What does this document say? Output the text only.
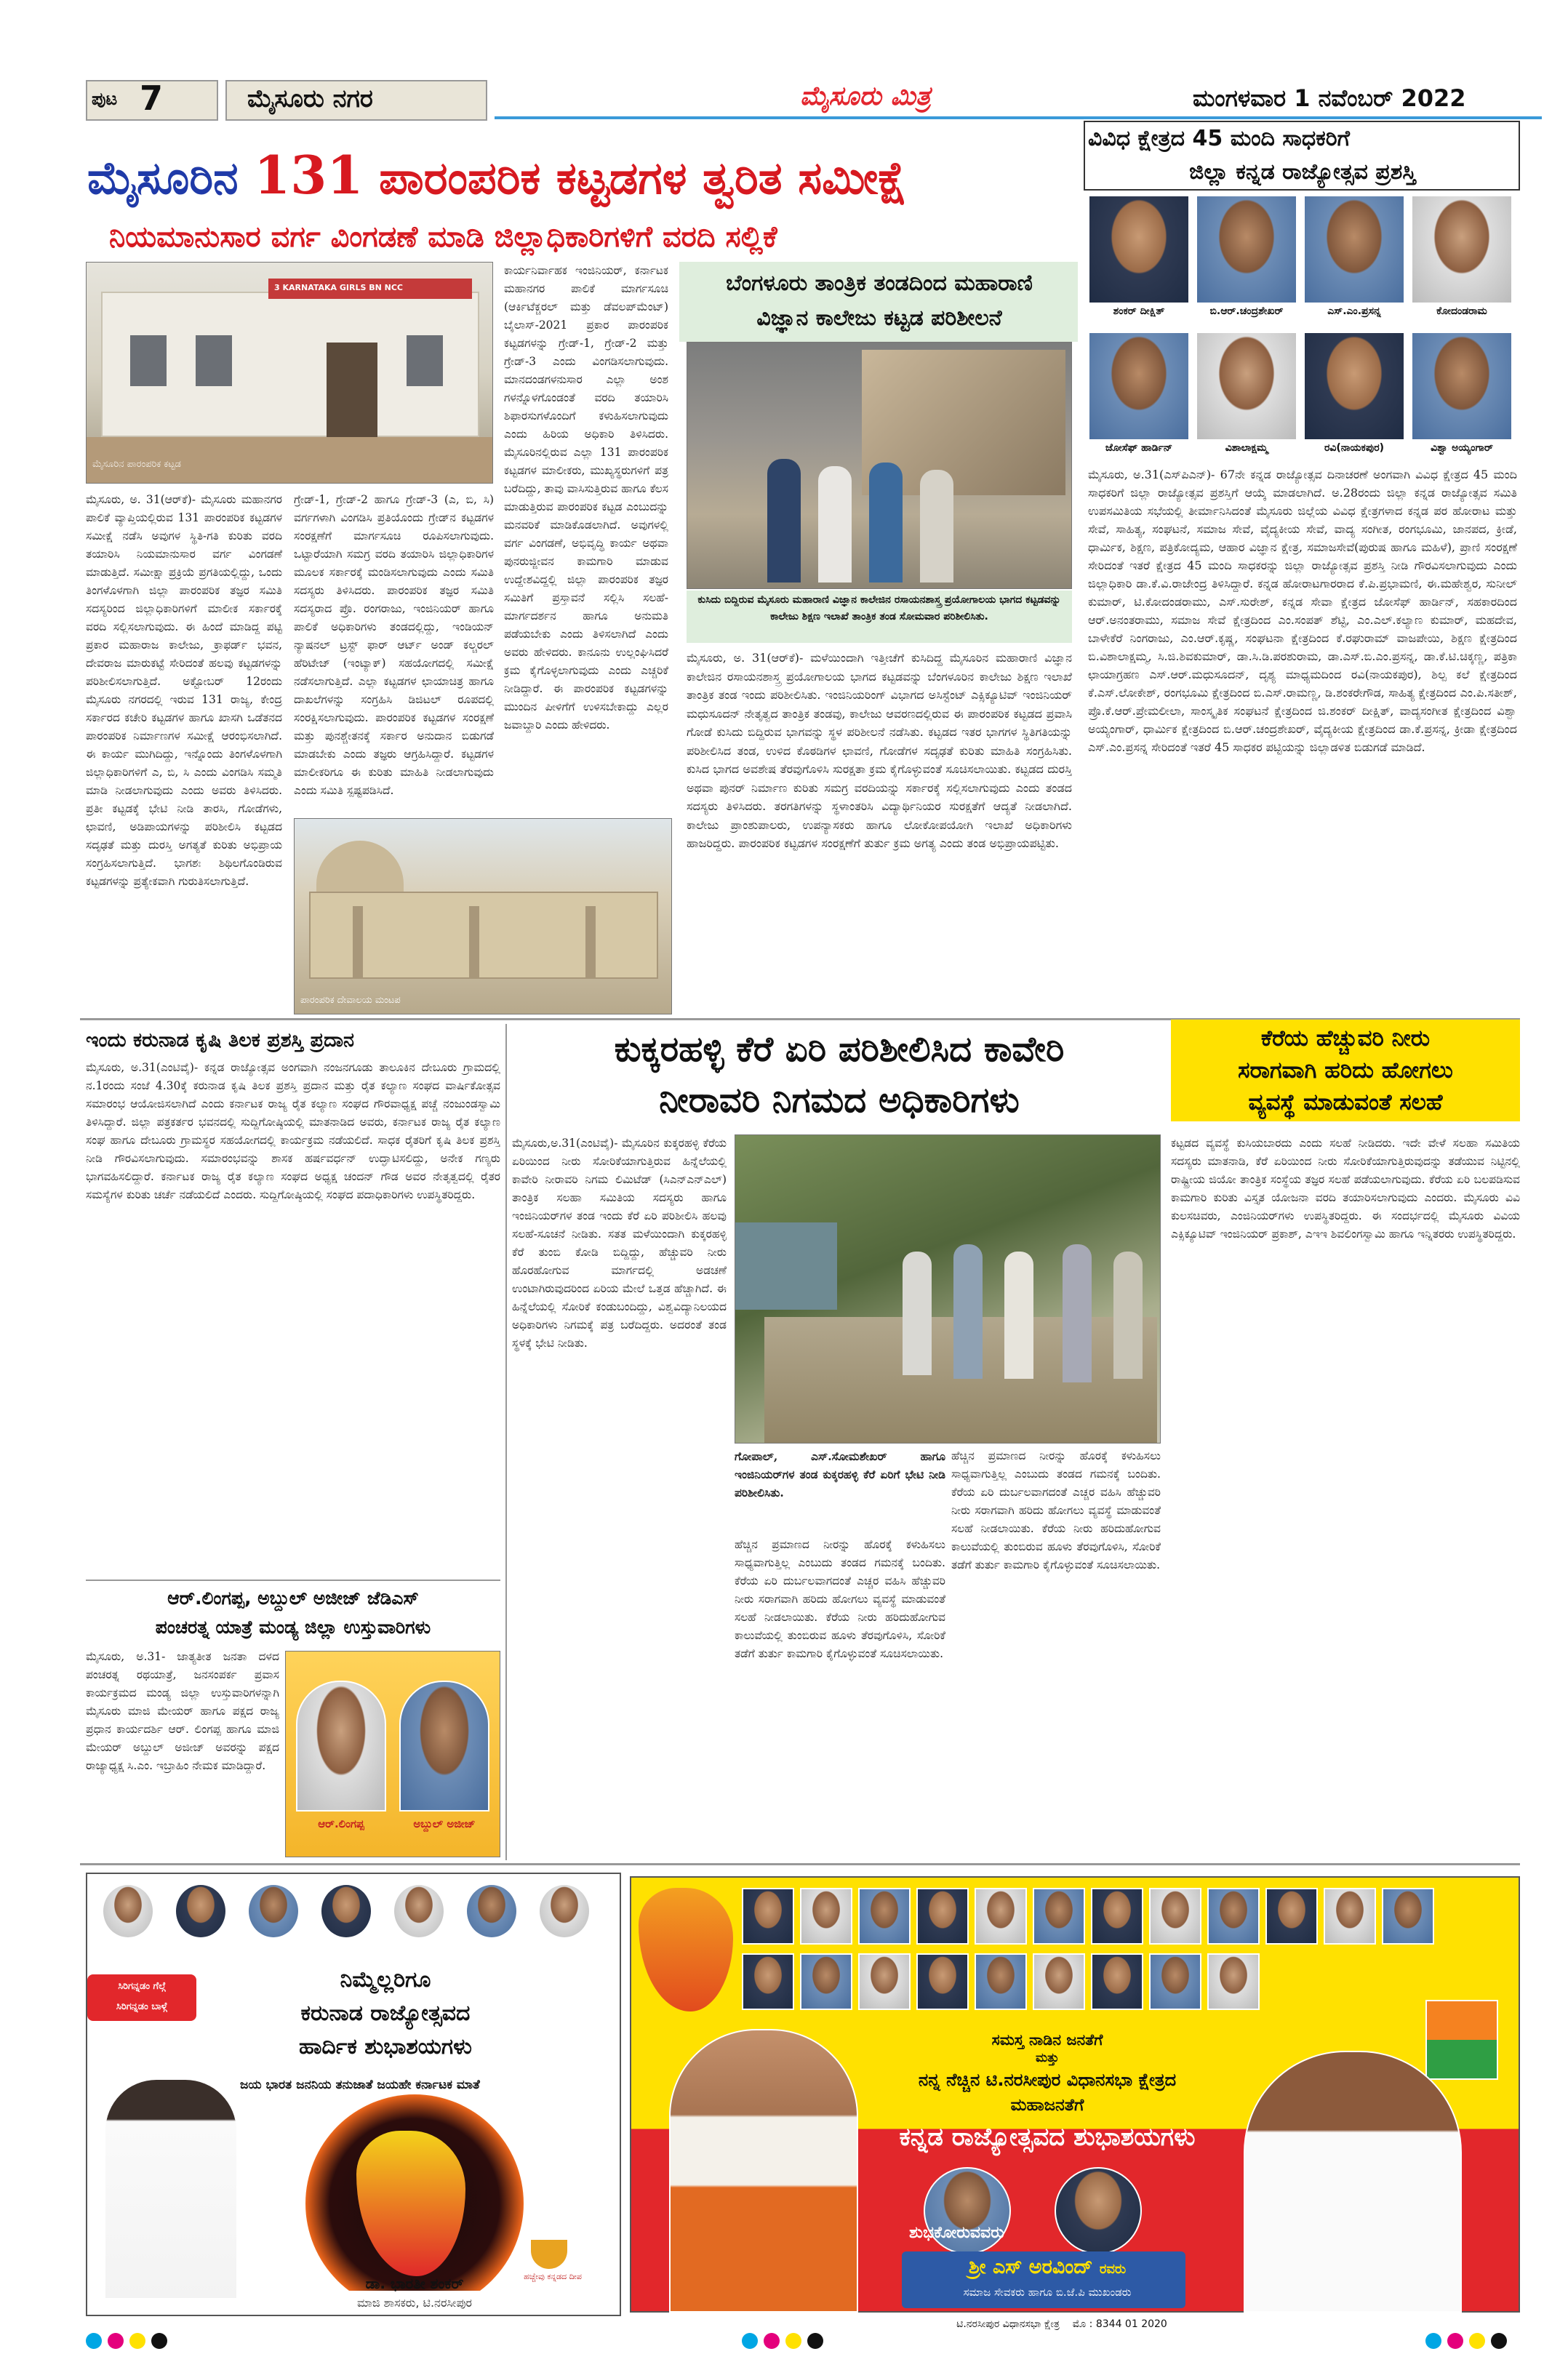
ಪುಟ 7	ಮೈಸೂರು ನಗರ	ಮೈಸೂರು ಮಿತ್ರ	ಮಂಗಳವಾರ 1 ನವೆಂಬರ್ 2022
ಮೈಸೂರಿನ 131 ಪಾರಂಪರಿಕ ಕಟ್ಟಡಗಳ ತ್ವರಿತ ಸಮೀಕ್ಷೆ
ನಿಯಮಾನುಸಾರ ವರ್ಗ ವಿಂಗಡಣೆ ಮಾಡಿ ಜಿಲ್ಲಾಧಿಕಾರಿಗಳಿಗೆ ವರದಿ ಸಲ್ಲಿಕೆ
3 KARNATAKA GIRLS BN NCC
ಮೈಸೂರಿನ ಪಾರಂಪರಿಕ ಕಟ್ಟಡ
ಮೈಸೂರು, ಅ. 31(ಆರ್‌ಕೆ)- ಮೈಸೂರು ಮಹಾನಗರ ಪಾಲಿಕೆ ವ್ಯಾಪ್ತಿಯಲ್ಲಿರುವ 131 ಪಾರಂಪರಿಕ ಕಟ್ಟಡಗಳ ಸಮೀಕ್ಷೆ ನಡೆಸಿ ಅವುಗಳ ಸ್ಥಿತಿ-ಗತಿ ಕುರಿತು ವರದಿ ತಯಾರಿಸಿ ನಿಯಮಾನುಸಾರ ವರ್ಗ ವಿಂಗಡಣೆ ಮಾಡುತ್ತಿದೆ. ಸಮೀಕ್ಷಾ ಪ್ರಕ್ರಿಯೆ ಪ್ರಗತಿಯಲ್ಲಿದ್ದು, ಒಂದು ತಿಂಗಳೊಳಗಾಗಿ ಜಿಲ್ಲಾ ಪಾರಂಪರಿಕ ತಜ್ಞರ ಸಮಿತಿ ಸದಸ್ಯರಿಂದ ಜಿಲ್ಲಾಧಿಕಾರಿಗಳಿಗೆ ಮಾಲೀಕ ಸರ್ಕಾರಕ್ಕೆ ವರದಿ ಸಲ್ಲಿಸಲಾಗುವುದು. ಈ ಹಿಂದೆ ಮಾಡಿದ್ದ ಪಟ್ಟಿ ಪ್ರಕಾರ ಮಹಾರಾಜ ಕಾಲೇಜು, ಕ್ರಾಫರ್ಡ್ ಭವನ, ದೇವರಾಜ ಮಾರುಕಟ್ಟೆ ಸೇರಿದಂತೆ ಹಲವು ಕಟ್ಟಡಗಳನ್ನು ಪರಿಶೀಲಿಸಲಾಗುತ್ತಿದೆ. ಅಕ್ಟೋಬರ್ 12ರಂದು ಮೈಸೂರು ನಗರದಲ್ಲಿ ಇರುವ 131 ರಾಜ್ಯ, ಕೇಂದ್ರ ಸರ್ಕಾರದ ಕಚೇರಿ ಕಟ್ಟಡಗಳ ಹಾಗೂ ಖಾಸಗಿ ಒಡೆತನದ ಪಾರಂಪರಿಕ ನಿರ್ಮಾಣಗಳ ಸಮೀಕ್ಷೆ ಆರಂಭಿಸಲಾಗಿದೆ. ಈ ಕಾರ್ಯ ಮುಗಿದಿದ್ದು, ಇನ್ನೊಂದು ತಿಂಗಳೊಳಗಾಗಿ ಜಿಲ್ಲಾಧಿಕಾರಿಗಳಿಗೆ ಎ, ಬಿ, ಸಿ ಎಂದು ವಿಂಗಡಿಸಿ ಸಮ್ಮತಿ ಮಾಡಿ ನೀಡಲಾಗುವುದು ಎಂದು ಅವರು ತಿಳಿಸಿದರು. ಪ್ರತೀ ಕಟ್ಟಡಕ್ಕೆ ಭೇಟಿ ನೀಡಿ ತಾರಸಿ, ಗೋಡೆಗಳು, ಛಾವಣಿ, ಅಡಿಪಾಯಗಳನ್ನು ಪರಿಶೀಲಿಸಿ ಕಟ್ಟಡದ ಸದೃಢತೆ ಮತ್ತು ದುರಸ್ತಿ ಅಗತ್ಯತೆ ಕುರಿತು ಅಭಿಪ್ರಾಯ ಸಂಗ್ರಹಿಸಲಾಗುತ್ತಿದೆ. ಭಾಗಶಃ ಶಿಥಿಲಗೊಂಡಿರುವ ಕಟ್ಟಡಗಳನ್ನು ಪ್ರತ್ಯೇಕವಾಗಿ ಗುರುತಿಸಲಾಗುತ್ತಿದೆ.
ಗ್ರೇಡ್-1, ಗ್ರೇಡ್-2 ಹಾಗೂ ಗ್ರೇಡ್-3 (ಎ, ಬಿ, ಸಿ) ವರ್ಗಗಳಾಗಿ ವಿಂಗಡಿಸಿ ಪ್ರತಿಯೊಂದು ಗ್ರೇಡ್‌ನ ಕಟ್ಟಡಗಳ ಸಂರಕ್ಷಣೆಗೆ ಮಾರ್ಗಸೂಚಿ ರೂಪಿಸಲಾಗುವುದು. ಒಟ್ಟಾರೆಯಾಗಿ ಸಮಗ್ರ ವರದಿ ತಯಾರಿಸಿ ಜಿಲ್ಲಾಧಿಕಾರಿಗಳ ಮೂಲಕ ಸರ್ಕಾರಕ್ಕೆ ಮಂಡಿಸಲಾಗುವುದು ಎಂದು ಸಮಿತಿ ಸದಸ್ಯರು ತಿಳಿಸಿದರು. ಪಾರಂಪರಿಕ ತಜ್ಞರ ಸಮಿತಿ ಸದಸ್ಯರಾದ ಪ್ರೊ. ರಂಗರಾಜು, ಇಂಜಿನಿಯರ್ ಹಾಗೂ ಪಾಲಿಕೆ ಅಧಿಕಾರಿಗಳು ತಂಡದಲ್ಲಿದ್ದು, ಇಂಡಿಯನ್ ನ್ಯಾಷನಲ್ ಟ್ರಸ್ಟ್ ಫಾರ್ ಆರ್ಟ್ ಅಂಡ್ ಕಲ್ಚರಲ್ ಹೆರಿಟೇಜ್ (ಇಂಟ್ಯಾಕ್) ಸಹಯೋಗದಲ್ಲಿ ಸಮೀಕ್ಷೆ ನಡೆಸಲಾಗುತ್ತಿದೆ. ಎಲ್ಲಾ ಕಟ್ಟಡಗಳ ಛಾಯಾಚಿತ್ರ ಹಾಗೂ ದಾಖಲೆಗಳನ್ನು ಸಂಗ್ರಹಿಸಿ ಡಿಜಿಟಲ್ ರೂಪದಲ್ಲಿ ಸಂರಕ್ಷಿಸಲಾಗುವುದು. ಪಾರಂಪರಿಕ ಕಟ್ಟಡಗಳ ಸಂರಕ್ಷಣೆ ಮತ್ತು ಪುನಶ್ಚೇತನಕ್ಕೆ ಸರ್ಕಾರ ಅನುದಾನ ಬಿಡುಗಡೆ ಮಾಡಬೇಕು ಎಂದು ತಜ್ಞರು ಆಗ್ರಹಿಸಿದ್ದಾರೆ. ಕಟ್ಟಡಗಳ ಮಾಲೀಕರಿಗೂ ಈ ಕುರಿತು ಮಾಹಿತಿ ನೀಡಲಾಗುವುದು ಎಂದು ಸಮಿತಿ ಸ್ಪಷ್ಟಪಡಿಸಿದೆ.
ಕಾರ್ಯನಿರ್ವಾಹಕ ಇಂಜಿನಿಯರ್, ಕರ್ನಾಟಕ ಮಹಾನಗರ ಪಾಲಿಕೆ ಮಾರ್ಗಸೂಚಿ (ಆರ್ಕಿಟೆಕ್ಚರಲ್ ಮತ್ತು ಡೆವಲಪ್‌ಮೆಂಟ್) ಬೈಲಾಸ್-2021 ಪ್ರಕಾರ ಪಾರಂಪರಿಕ ಕಟ್ಟಡಗಳನ್ನು ಗ್ರೇಡ್-1, ಗ್ರೇಡ್-2 ಮತ್ತು ಗ್ರೇಡ್-3 ಎಂದು ವಿಂಗಡಿಸಲಾಗುವುದು. ಮಾನದಂಡಗಳನುಸಾರ ಎಲ್ಲಾ ಅಂಶ ಗಳನ್ನೊಳಗೊಂಡಂತೆ ವರದಿ ತಯಾರಿಸಿ ಶಿಫಾರಸುಗಳೊಂದಿಗೆ ಕಳುಹಿಸಲಾಗುವುದು ಎಂದು ಹಿರಿಯ ಅಧಿಕಾರಿ ತಿಳಿಸಿದರು. ಮೈಸೂರಿನಲ್ಲಿರುವ ಎಲ್ಲಾ 131 ಪಾರಂಪರಿಕ ಕಟ್ಟಡಗಳ ಮಾಲೀಕರು, ಮುಖ್ಯಸ್ಥರುಗಳಿಗೆ ಪತ್ರ ಬರೆದಿದ್ದು, ತಾವು ವಾಸಿಸುತ್ತಿರುವ ಹಾಗೂ ಕೆಲಸ ಮಾಡುತ್ತಿರುವ ಪಾರಂಪರಿಕ ಕಟ್ಟಡ ಎಂಬುದನ್ನು ಮನವರಿಕೆ ಮಾಡಿಕೊಡಲಾಗಿದೆ. ಅವುಗಳಲ್ಲಿ ವರ್ಗ ವಿಂಗಡಣೆ, ಅಭಿವೃದ್ಧಿ ಕಾರ್ಯ ಅಥವಾ ಪುನರುಜ್ಜೀವನ ಕಾಮಗಾರಿ ಮಾಡುವ ಉದ್ದೇಶವಿದ್ದಲ್ಲಿ ಜಿಲ್ಲಾ ಪಾರಂಪರಿಕ ತಜ್ಞರ ಸಮಿತಿಗೆ ಪ್ರಸ್ತಾವನೆ ಸಲ್ಲಿಸಿ ಸಲಹೆ-ಮಾರ್ಗದರ್ಶನ ಹಾಗೂ ಅನುಮತಿ ಪಡೆಯಬೇಕು ಎಂದು ತಿಳಿಸಲಾಗಿದೆ ಎಂದು ಅವರು ಹೇಳಿದರು. ಕಾನೂನು ಉಲ್ಲಂಘಿಸಿದರೆ ಕ್ರಮ ಕೈಗೊಳ್ಳಲಾಗುವುದು ಎಂದು ಎಚ್ಚರಿಕೆ ನೀಡಿದ್ದಾರೆ. ಈ ಪಾರಂಪರಿಕ ಕಟ್ಟಡಗಳನ್ನು ಮುಂದಿನ ಪೀಳಿಗೆಗೆ ಉಳಿಸಬೇಕಾದ್ದು ಎಲ್ಲರ ಜವಾಬ್ದಾರಿ ಎಂದು ಹೇಳಿದರು.
ಪಾರಂಪರಿಕ ದೇವಾಲಯ ಮಂಟಪ
ಬೆಂಗಳೂರು ತಾಂತ್ರಿಕ ತಂಡದಿಂದ ಮಹಾರಾಣಿ
ವಿಜ್ಞಾನ ಕಾಲೇಜು ಕಟ್ಟಡ ಪರಿಶೀಲನೆ
ಕುಸಿದು ಬಿದ್ದಿರುವ ಮೈಸೂರು ಮಹಾರಾಣಿ ವಿಜ್ಞಾನ ಕಾಲೇಜಿನ ರಸಾಯನಶಾಸ್ತ್ರ ಪ್ರಯೋಗಾಲಯ ಭಾಗದ ಕಟ್ಟಡವನ್ನು ಕಾಲೇಜು ಶಿಕ್ಷಣ ಇಲಾಖೆ ತಾಂತ್ರಿಕ ತಂಡ ಸೋಮವಾರ ಪರಿಶೀಲಿಸಿತು.
ಮೈಸೂರು, ಅ. 31(ಆರ್‌ಕೆ)- ಮಳೆಯಿಂದಾಗಿ ಇತ್ತೀಚೆಗೆ ಕುಸಿದಿದ್ದ ಮೈಸೂರಿನ ಮಹಾರಾಣಿ ವಿಜ್ಞಾನ ಕಾಲೇಜಿನ ರಸಾಯನಶಾಸ್ತ್ರ ಪ್ರಯೋಗಾಲಯ ಭಾಗದ ಕಟ್ಟಡವನ್ನು ಬೆಂಗಳೂರಿನ ಕಾಲೇಜು ಶಿಕ್ಷಣ ಇಲಾಖೆ ತಾಂತ್ರಿಕ ತಂಡ ಇಂದು ಪರಿಶೀಲಿಸಿತು. ಇಂಜಿನಿಯರಿಂಗ್ ವಿಭಾಗದ ಅಸಿಸ್ಟೆಂಟ್ ಎಕ್ಸಿಕ್ಯೂಟಿವ್ ಇಂಜಿನಿಯರ್ ಮಧುಸೂದನ್ ನೇತೃತ್ವದ ತಾಂತ್ರಿಕ ತಂಡವು, ಕಾಲೇಜು ಆವರಣದಲ್ಲಿರುವ ಈ ಪಾರಂಪರಿಕ ಕಟ್ಟಡದ ಪ್ರವಾಸಿ ಗೋಡೆ ಕುಸಿದು ಬಿದ್ದಿರುವ ಭಾಗವನ್ನು ಸ್ಥಳ ಪರಿಶೀಲನೆ ನಡೆಸಿತು. ಕಟ್ಟಡದ ಇತರ ಭಾಗಗಳ ಸ್ಥಿತಿಗತಿಯನ್ನು ಪರಿಶೀಲಿಸಿದ ತಂಡ, ಉಳಿದ ಕೊಠಡಿಗಳ ಛಾವಣಿ, ಗೋಡೆಗಳ ಸದೃಢತೆ ಕುರಿತು ಮಾಹಿತಿ ಸಂಗ್ರಹಿಸಿತು. ಕುಸಿದ ಭಾಗದ ಅವಶೇಷ ತೆರವುಗೊಳಿಸಿ ಸುರಕ್ಷತಾ ಕ್ರಮ ಕೈಗೊಳ್ಳುವಂತೆ ಸೂಚಿಸಲಾಯಿತು. ಕಟ್ಟಡದ ದುರಸ್ತಿ ಅಥವಾ ಪುನರ್ ನಿರ್ಮಾಣ ಕುರಿತು ಸಮಗ್ರ ವರದಿಯನ್ನು ಸರ್ಕಾರಕ್ಕೆ ಸಲ್ಲಿಸಲಾಗುವುದು ಎಂದು ತಂಡದ ಸದಸ್ಯರು ತಿಳಿಸಿದರು. ತರಗತಿಗಳನ್ನು ಸ್ಥಳಾಂತರಿಸಿ ವಿದ್ಯಾರ್ಥಿನಿಯರ ಸುರಕ್ಷತೆಗೆ ಆದ್ಯತೆ ನೀಡಲಾಗಿದೆ. ಕಾಲೇಜು ಪ್ರಾಂಶುಪಾಲರು, ಉಪನ್ಯಾಸಕರು ಹಾಗೂ ಲೋಕೋಪಯೋಗಿ ಇಲಾಖೆ ಅಧಿಕಾರಿಗಳು ಹಾಜರಿದ್ದರು. ಪಾರಂಪರಿಕ ಕಟ್ಟಡಗಳ ಸಂರಕ್ಷಣೆಗೆ ತುರ್ತು ಕ್ರಮ ಅಗತ್ಯ ಎಂದು ತಂಡ ಅಭಿಪ್ರಾಯಪಟ್ಟಿತು.
ವಿವಿಧ ಕ್ಷೇತ್ರದ 45 ಮಂದಿ ಸಾಧಕರಿಗೆ
ಜಿಲ್ಲಾ ಕನ್ನಡ ರಾಜ್ಯೋತ್ಸವ ಪ್ರಶಸ್ತಿ
ಶಂಕರ್ ದೀಕ್ಷಿತ್	ಬಿ.ಆರ್.ಚಂದ್ರಶೇಖರ್	ಎಸ್.ಎಂ.ಪ್ರಸನ್ನ	ಕೋದಂಡರಾಮ
ಜೋಸೆಫ್ ಹಾರ್ಡಿನ್	ವಿಶಾಲಾಕ್ಷಮ್ಮ	ರವಿ(ನಾಯಕಪುರ)	ವಿಶ್ವಾ ಅಯ್ಯಂಗಾರ್
ಮೈಸೂರು, ಅ.31(ಎಸ್‌ಪಿಎನ್)- 67ನೇ ಕನ್ನಡ ರಾಜ್ಯೋತ್ಸವ ದಿನಾಚರಣೆ ಅಂಗವಾಗಿ ವಿವಿಧ ಕ್ಷೇತ್ರದ 45 ಮಂದಿ ಸಾಧಕರಿಗೆ ಜಿಲ್ಲಾ ರಾಜ್ಯೋತ್ಸವ ಪ್ರಶಸ್ತಿಗೆ ಆಯ್ಕೆ ಮಾಡಲಾಗಿದೆ. ಅ.28ರಂದು ಜಿಲ್ಲಾ ಕನ್ನಡ ರಾಜ್ಯೋತ್ಸವ ಸಮಿತಿ ಉಪಸಮಿತಿಯ ಸಭೆಯಲ್ಲಿ ತೀರ್ಮಾನಿಸಿದಂತೆ ಮೈಸೂರು ಜಿಲ್ಲೆಯ ವಿವಿಧ ಕ್ಷೇತ್ರಗಳಾದ ಕನ್ನಡ ಪರ ಹೋರಾಟ ಮತ್ತು ಸೇವೆ, ಸಾಹಿತ್ಯ, ಸಂಘಟನೆ, ಸಮಾಜ ಸೇವೆ, ವೈದ್ಯಕೀಯ ಸೇವೆ, ವಾದ್ಯ ಸಂಗೀತ, ರಂಗಭೂಮಿ, ಜಾನಪದ, ಕ್ರೀಡೆ, ಧಾರ್ಮಿಕ, ಶಿಕ್ಷಣ, ಪತ್ರಿಕೋದ್ಯಮ, ಆಹಾರ ವಿಜ್ಞಾನ ಕ್ಷೇತ್ರ, ಸಮಾಜಸೇವೆ(ಪುರುಷ ಹಾಗೂ ಮಹಿಳೆ), ಪ್ರಾಣಿ ಸಂರಕ್ಷಣೆ ಸೇರಿದಂತೆ ಇತರೆ ಕ್ಷೇತ್ರದ 45 ಮಂದಿ ಸಾಧಕರನ್ನು ಜಿಲ್ಲಾ ರಾಜ್ಯೋತ್ಸವ ಪ್ರಶಸ್ತಿ ನೀಡಿ ಗೌರವಿಸಲಾಗುವುದು ಎಂದು ಜಿಲ್ಲಾಧಿಕಾರಿ ಡಾ.ಕೆ.ವಿ.ರಾಜೇಂದ್ರ ತಿಳಿಸಿದ್ದಾರೆ. ಕನ್ನಡ ಹೋರಾಟಗಾರರಾದ ಕೆ.ಪಿ.ಪ್ರಭಾಮಣಿ, ಈ.ಮಹೇಶ್ವರ, ಸುನೀಲ್ ಕುಮಾರ್, ಟಿ.ಕೋದಂಡರಾಮು, ಎಸ್.ಸುರೇಶ್, ಕನ್ನಡ ಸೇವಾ ಕ್ಷೇತ್ರದ ಜೋಸೆಫ್ ಹಾರ್ಡಿನ್, ಸಹಕಾರದಿಂದ ಆರ್.ಅನಂತರಾಮು, ಸಮಾಜ ಸೇವೆ ಕ್ಷೇತ್ರದಿಂದ ಎಂ.ಸಂಪತ್ ಶೆಟ್ಟಿ, ಎಂ.ಎಲ್.ಕಲ್ಯಾಣ ಕುಮಾರ್, ಮಹದೇವ, ಬಾಳೇಕೆರೆ ನಿಂಗರಾಜು, ಎಂ.ಆರ್.ಕೃಷ್ಣ, ಸಂಘಟನಾ ಕ್ಷೇತ್ರದಿಂದ ಕೆ.ರಘುರಾಮ್ ವಾಜಪೇಯಿ, ಶಿಕ್ಷಣ ಕ್ಷೇತ್ರದಿಂದ ಬಿ.ವಿಶಾಲಾಕ್ಷಮ್ಮ, ಸಿ.ಜಿ.ಶಿವಕುಮಾರ್, ಡಾ.ಸಿ.ಡಿ.ಪರಶುರಾಮ, ಡಾ.ಎಸ್.ಬಿ.ಎಂ.ಪ್ರಸನ್ನ, ಡಾ.ಕೆ.ಟಿ.ಚಿಕ್ಕಣ್ಣ, ಪತ್ರಿಕಾ ಛಾಯಾಗ್ರಹಣ ಎಸ್.ಆರ್.ಮಧುಸೂದನ್, ದೃಶ್ಯ ಮಾಧ್ಯಮದಿಂದ ರವಿ(ನಾಯಕಪುರ), ಶಿಲ್ಪ ಕಲೆ ಕ್ಷೇತ್ರದಿಂದ ಕೆ.ಎಸ್.ಲೋಕೇಶ್, ರಂಗಭೂಮಿ ಕ್ಷೇತ್ರದಿಂದ ಬಿ.ಎಸ್.ರಾಮಣ್ಣ, ಡಿ.ಶಂಕರೇಗೌಡ, ಸಾಹಿತ್ಯ ಕ್ಷೇತ್ರದಿಂದ ಎಂ.ಪಿ.ಸತೀಶ್, ಪ್ರೊ.ಕೆ.ಆರ್.ಪ್ರೇಮಲೀಲಾ, ಸಾಂಸ್ಕೃತಿಕ ಸಂಘಟನೆ ಕ್ಷೇತ್ರದಿಂದ ಜಿ.ಶಂಕರ್ ದೀಕ್ಷಿತ್, ವಾದ್ಯಸಂಗೀತ ಕ್ಷೇತ್ರದಿಂದ ವಿಶ್ವಾ ಅಯ್ಯಂಗಾರ್, ಧಾರ್ಮಿಕ ಕ್ಷೇತ್ರದಿಂದ ಬಿ.ಆರ್.ಚಂದ್ರಶೇಖರ್, ವೈದ್ಯಕೀಯ ಕ್ಷೇತ್ರದಿಂದ ಡಾ.ಕೆ.ಪ್ರಸನ್ನ, ಕ್ರೀಡಾ ಕ್ಷೇತ್ರದಿಂದ ಎಸ್.ಎಂ.ಪ್ರಸನ್ನ ಸೇರಿದಂತೆ ಇತರೆ 45 ಸಾಧಕರ ಪಟ್ಟಿಯನ್ನು ಜಿಲ್ಲಾಡಳಿತ ಬಿಡುಗಡೆ ಮಾಡಿದೆ.
ಇಂದು ಕರುನಾಡ ಕೃಷಿ ತಿಲಕ ಪ್ರಶಸ್ತಿ ಪ್ರದಾನ
ಮೈಸೂರು, ಅ.31(ಎಂಟಿವೈ)- ಕನ್ನಡ ರಾಜ್ಯೋತ್ಸವ ಅಂಗವಾಗಿ ನಂಜನಗೂಡು ತಾಲೂಕಿನ ದೇಬೂರು ಗ್ರಾಮದಲ್ಲಿ ನ.1ರಂದು ಸಂಜೆ 4.30ಕ್ಕೆ ಕರುನಾಡ ಕೃಷಿ ತಿಲಕ ಪ್ರಶಸ್ತಿ ಪ್ರದಾನ ಮತ್ತು ರೈತ ಕಲ್ಯಾಣ ಸಂಘದ ವಾರ್ಷಿಕೋತ್ಸವ ಸಮಾರಂಭ ಆಯೋಜಿಸಲಾಗಿದೆ ಎಂದು ಕರ್ನಾಟಕ ರಾಜ್ಯ ರೈತ ಕಲ್ಯಾಣ ಸಂಘದ ಗೌರವಾಧ್ಯಕ್ಷ ಪಚ್ಚೆ ನಂಜುಂಡಸ್ವಾಮಿ ತಿಳಿಸಿದ್ದಾರೆ. ಜಿಲ್ಲಾ ಪತ್ರಕರ್ತರ ಭವನದಲ್ಲಿ ಸುದ್ದಿಗೋಷ್ಠಿಯಲ್ಲಿ ಮಾತನಾಡಿದ ಅವರು, ಕರ್ನಾಟಕ ರಾಜ್ಯ ರೈತ ಕಲ್ಯಾಣ ಸಂಘ ಹಾಗೂ ದೇಬೂರು ಗ್ರಾಮಸ್ಥರ ಸಹಯೋಗದಲ್ಲಿ ಕಾರ್ಯಕ್ರಮ ನಡೆಯಲಿದೆ. ಸಾಧಕ ರೈತರಿಗೆ ಕೃಷಿ ತಿಲಕ ಪ್ರಶಸ್ತಿ ನೀಡಿ ಗೌರವಿಸಲಾಗುವುದು. ಸಮಾರಂಭವನ್ನು ಶಾಸಕ ಹರ್ಷವರ್ಧನ್ ಉದ್ಘಾಟಿಸಲಿದ್ದು, ಅನೇಕ ಗಣ್ಯರು ಭಾಗವಹಿಸಲಿದ್ದಾರೆ. ಕರ್ನಾಟಕ ರಾಜ್ಯ ರೈತ ಕಲ್ಯಾಣ ಸಂಘದ ಅಧ್ಯಕ್ಷ ಚಂದನ್ ಗೌಡ ಅವರ ನೇತೃತ್ವದಲ್ಲಿ ರೈತರ ಸಮಸ್ಯೆಗಳ ಕುರಿತು ಚರ್ಚೆ ನಡೆಯಲಿದೆ ಎಂದರು. ಸುದ್ದಿಗೋಷ್ಠಿಯಲ್ಲಿ ಸಂಘದ ಪದಾಧಿಕಾರಿಗಳು ಉಪಸ್ಥಿತರಿದ್ದರು.
ಆರ್.ಲಿಂಗಪ್ಪ, ಅಬ್ದುಲ್ ಅಜೀಜ್ ಜೆಡಿಎಸ್
ಪಂಚರತ್ನ ಯಾತ್ರೆ ಮಂಡ್ಯ ಜಿಲ್ಲಾ ಉಸ್ತುವಾರಿಗಳು
ಮೈಸೂರು, ಅ.31- ಜಾತ್ಯತೀತ ಜನತಾ ದಳದ ಪಂಚರತ್ನ ರಥಯಾತ್ರೆ, ಜನಸಂಪರ್ಕ ಪ್ರವಾಸ ಕಾರ್ಯಕ್ರಮದ ಮಂಡ್ಯ ಜಿಲ್ಲಾ ಉಸ್ತುವಾರಿಗಳನ್ನಾಗಿ ಮೈಸೂರು ಮಾಜಿ ಮೇಯರ್ ಹಾಗೂ ಪಕ್ಷದ ರಾಜ್ಯ ಪ್ರಧಾನ ಕಾರ್ಯದರ್ಶಿ ಆರ್. ಲಿಂಗಪ್ಪ ಹಾಗೂ ಮಾಜಿ ಮೇಯರ್ ಅಬ್ದುಲ್ ಅಜೀಜ್ ಅವರನ್ನು ಪಕ್ಷದ ರಾಜ್ಯಾಧ್ಯಕ್ಷ ಸಿ.ಎಂ. ಇಬ್ರಾಹಿಂ ನೇಮಕ ಮಾಡಿದ್ದಾರೆ.
ಆರ್.ಲಿಂಗಪ್ಪ	ಅಬ್ದುಲ್ ಅಜೀಜ್
ಕುಕ್ಕರಹಳ್ಳಿ ಕೆರೆ ಏರಿ ಪರಿಶೀಲಿಸಿದ ಕಾವೇರಿ
ನೀರಾವರಿ ನಿಗಮದ ಅಧಿಕಾರಿಗಳು
ಕೆರೆಯ ಹೆಚ್ಚುವರಿ ನೀರು
ಸರಾಗವಾಗಿ ಹರಿದು ಹೋಗಲು
ವ್ಯವಸ್ಥೆ ಮಾಡುವಂತೆ ಸಲಹೆ
ಮೈಸೂರು,ಅ.31(ಎಂಟಿವೈ)- ಮೈಸೂರಿನ ಕುಕ್ಕರಹಳ್ಳಿ ಕೆರೆಯ ಏರಿಯಿಂದ ನೀರು ಸೋರಿಕೆಯಾಗುತ್ತಿರುವ ಹಿನ್ನೆಲೆಯಲ್ಲಿ ಕಾವೇರಿ ನೀರಾವರಿ ನಿಗಮ ಲಿಮಿಟೆಡ್ (ಸಿಎನ್‌ಎನ್‌ಎಲ್) ತಾಂತ್ರಿಕ ಸಲಹಾ ಸಮಿತಿಯ ಸದಸ್ಯರು ಹಾಗೂ ಇಂಜಿನಿಯರ್‌ಗಳ ತಂಡ ಇಂದು ಕೆರೆ ಏರಿ ಪರಿಶೀಲಿಸಿ ಹಲವು ಸಲಹೆ-ಸೂಚನೆ ನೀಡಿತು. ಸತತ ಮಳೆಯಿಂದಾಗಿ ಕುಕ್ಕರಹಳ್ಳಿ ಕೆರೆ ತುಂಬಿ ಕೋಡಿ ಬಿದ್ದಿದ್ದು, ಹೆಚ್ಚುವರಿ ನೀರು ಹೊರಹೋಗುವ ಮಾರ್ಗದಲ್ಲಿ ಅಡಚಣೆ ಉಂಟಾಗಿರುವುದರಿಂದ ಏರಿಯ ಮೇಲೆ ಒತ್ತಡ ಹೆಚ್ಚಾಗಿದೆ. ಈ ಹಿನ್ನೆಲೆಯಲ್ಲಿ ಸೋರಿಕೆ ಕಂಡುಬಂದಿದ್ದು, ವಿಶ್ವವಿದ್ಯಾನಿಲಯದ ಅಧಿಕಾರಿಗಳು ನಿಗಮಕ್ಕೆ ಪತ್ರ ಬರೆದಿದ್ದರು. ಅದರಂತೆ ತಂಡ ಸ್ಥಳಕ್ಕೆ ಭೇಟಿ ನೀಡಿತು.
ಗೋಪಾಲ್, ಎಸ್.ಸೋಮಶೇಖರ್ ಹಾಗೂ ಇಂಜಿನಿಯರ್‌ಗಳ ತಂಡ ಕುಕ್ಕರಹಳ್ಳಿ ಕೆರೆ ಏರಿಗೆ ಭೇಟಿ ನೀಡಿ ಪರಿಶೀಲಿಸಿತು.
ಹೆಚ್ಚಿನ ಪ್ರಮಾಣದ ನೀರನ್ನು ಹೊರಕ್ಕೆ ಕಳುಹಿಸಲು ಸಾಧ್ಯವಾಗುತ್ತಿಲ್ಲ ಎಂಬುದು ತಂಡದ ಗಮನಕ್ಕೆ ಬಂದಿತು. ಕೆರೆಯ ಏರಿ ದುರ್ಬಲವಾಗದಂತೆ ಎಚ್ಚರ ವಹಿಸಿ ಹೆಚ್ಚುವರಿ ನೀರು ಸರಾಗವಾಗಿ ಹರಿದು ಹೋಗಲು ವ್ಯವಸ್ಥೆ ಮಾಡುವಂತೆ ಸಲಹೆ ನೀಡಲಾಯಿತು. ಕೆರೆಯ ನೀರು ಹರಿದುಹೋಗುವ ಕಾಲುವೆಯಲ್ಲಿ ತುಂಬಿರುವ ಹೂಳು ತೆರವುಗೊಳಿಸಿ, ಸೋರಿಕೆ ತಡೆಗೆ ತುರ್ತು ಕಾಮಗಾರಿ ಕೈಗೊಳ್ಳುವಂತೆ ಸೂಚಿಸಲಾಯಿತು.
ಹೆಚ್ಚಿನ ಪ್ರಮಾಣದ ನೀರನ್ನು ಹೊರಕ್ಕೆ ಕಳುಹಿಸಲು ಸಾಧ್ಯವಾಗುತ್ತಿಲ್ಲ ಎಂಬುದು ತಂಡದ ಗಮನಕ್ಕೆ ಬಂದಿತು. ಕೆರೆಯ ಏರಿ ದುರ್ಬಲವಾಗದಂತೆ ಎಚ್ಚರ ವಹಿಸಿ ಹೆಚ್ಚುವರಿ ನೀರು ಸರಾಗವಾಗಿ ಹರಿದು ಹೋಗಲು ವ್ಯವಸ್ಥೆ ಮಾಡುವಂತೆ ಸಲಹೆ ನೀಡಲಾಯಿತು. ಕೆರೆಯ ನೀರು ಹರಿದುಹೋಗುವ ಕಾಲುವೆಯಲ್ಲಿ ತುಂಬಿರುವ ಹೂಳು ತೆರವುಗೊಳಿಸಿ, ಸೋರಿಕೆ ತಡೆಗೆ ತುರ್ತು ಕಾಮಗಾರಿ ಕೈಗೊಳ್ಳುವಂತೆ ಸೂಚಿಸಲಾಯಿತು.
ಕಟ್ಟಡದ ವ್ಯವಸ್ಥೆ ಕುಸಿಯಬಾರದು ಎಂದು ಸಲಹೆ ನೀಡಿದರು. ಇದೇ ವೇಳೆ ಸಲಹಾ ಸಮಿತಿಯ ಸದಸ್ಯರು ಮಾತನಾಡಿ, ಕೆರೆ ಏರಿಯಿಂದ ನೀರು ಸೋರಿಕೆಯಾಗುತ್ತಿರುವುದನ್ನು ತಡೆಯುವ ನಿಟ್ಟಿನಲ್ಲಿ ರಾಷ್ಟ್ರೀಯ ಜಿಯೋ ತಾಂತ್ರಿಕ ಸಂಸ್ಥೆಯ ತಜ್ಞರ ಸಲಹೆ ಪಡೆಯಲಾಗುವುದು. ಕೆರೆಯ ಏರಿ ಬಲಪಡಿಸುವ ಕಾಮಗಾರಿ ಕುರಿತು ವಿಸ್ತೃತ ಯೋಜನಾ ವರದಿ ತಯಾರಿಸಲಾಗುವುದು ಎಂದರು. ಮೈಸೂರು ವಿವಿ ಕುಲಸಚಿವರು, ಎಂಜಿನಿಯರ್‌ಗಳು ಉಪಸ್ಥಿತರಿದ್ದರು. ಈ ಸಂದರ್ಭದಲ್ಲಿ ಮೈಸೂರು ವಿವಿಯ ಎಕ್ಸಿಕ್ಯೂಟಿವ್ ಇಂಜಿನಿಯರ್ ಪ್ರಕಾಶ್, ಎಇಇ ಶಿವಲಿಂಗಸ್ವಾಮಿ ಹಾಗೂ ಇನ್ನಿತರರು ಉಪಸ್ಥಿತರಿದ್ದರು.
ಸಿರಿಗನ್ನಡಂ ಗೆಲ್ಗೆ
ಸಿರಿಗನ್ನಡಂ ಬಾಳ್ಗೆ
ನಿಮ್ಮೆಲ್ಲರಿಗೂ
ಕರುನಾಡ ರಾಜ್ಯೋತ್ಸವದ
ಹಾರ್ದಿಕ ಶುಭಾಶಯಗಳು
ಜಯ ಭಾರತ ಜನನಿಯ ತನುಜಾತೆ ಜಯಹೇ ಕರ್ನಾಟಕ ಮಾತೆ
ಹಚ್ಚೇವು ಕನ್ನಡದ ದೀಪ
ಡಾ. ಭಾರತೀ ಶಂಕರ್
ಮಾಜಿ ಶಾಸಕರು, ಟಿ.ನರಸೀಪುರ
ಸಮಸ್ತ ನಾಡಿನ ಜನತೆಗೆ
ಮತ್ತು
ನನ್ನ ನೆಚ್ಚಿನ ಟಿ.ನರಸೀಪುರ ವಿಧಾನಸಭಾ ಕ್ಷೇತ್ರದ
ಮಹಾಜನತೆಗೆ
ಕನ್ನಡ ರಾಜ್ಯೋತ್ಸವದ ಶುಭಾಶಯಗಳು
ಶುಭಕೋರುವವರು
ಶ್ರೀ ಎಸ್ ಅರವಿಂದ್ ರವರು
ಸಮಾಜ ಸೇವಕರು ಹಾಗೂ ಬಿ.ಜೆ.ಪಿ ಮುಖಂಡರು
ಟಿ.ನರಸೀಪುರ ವಿಧಾನಸಭಾ ಕ್ಷೇತ್ರ ಮೊ : 8344 01 2020
